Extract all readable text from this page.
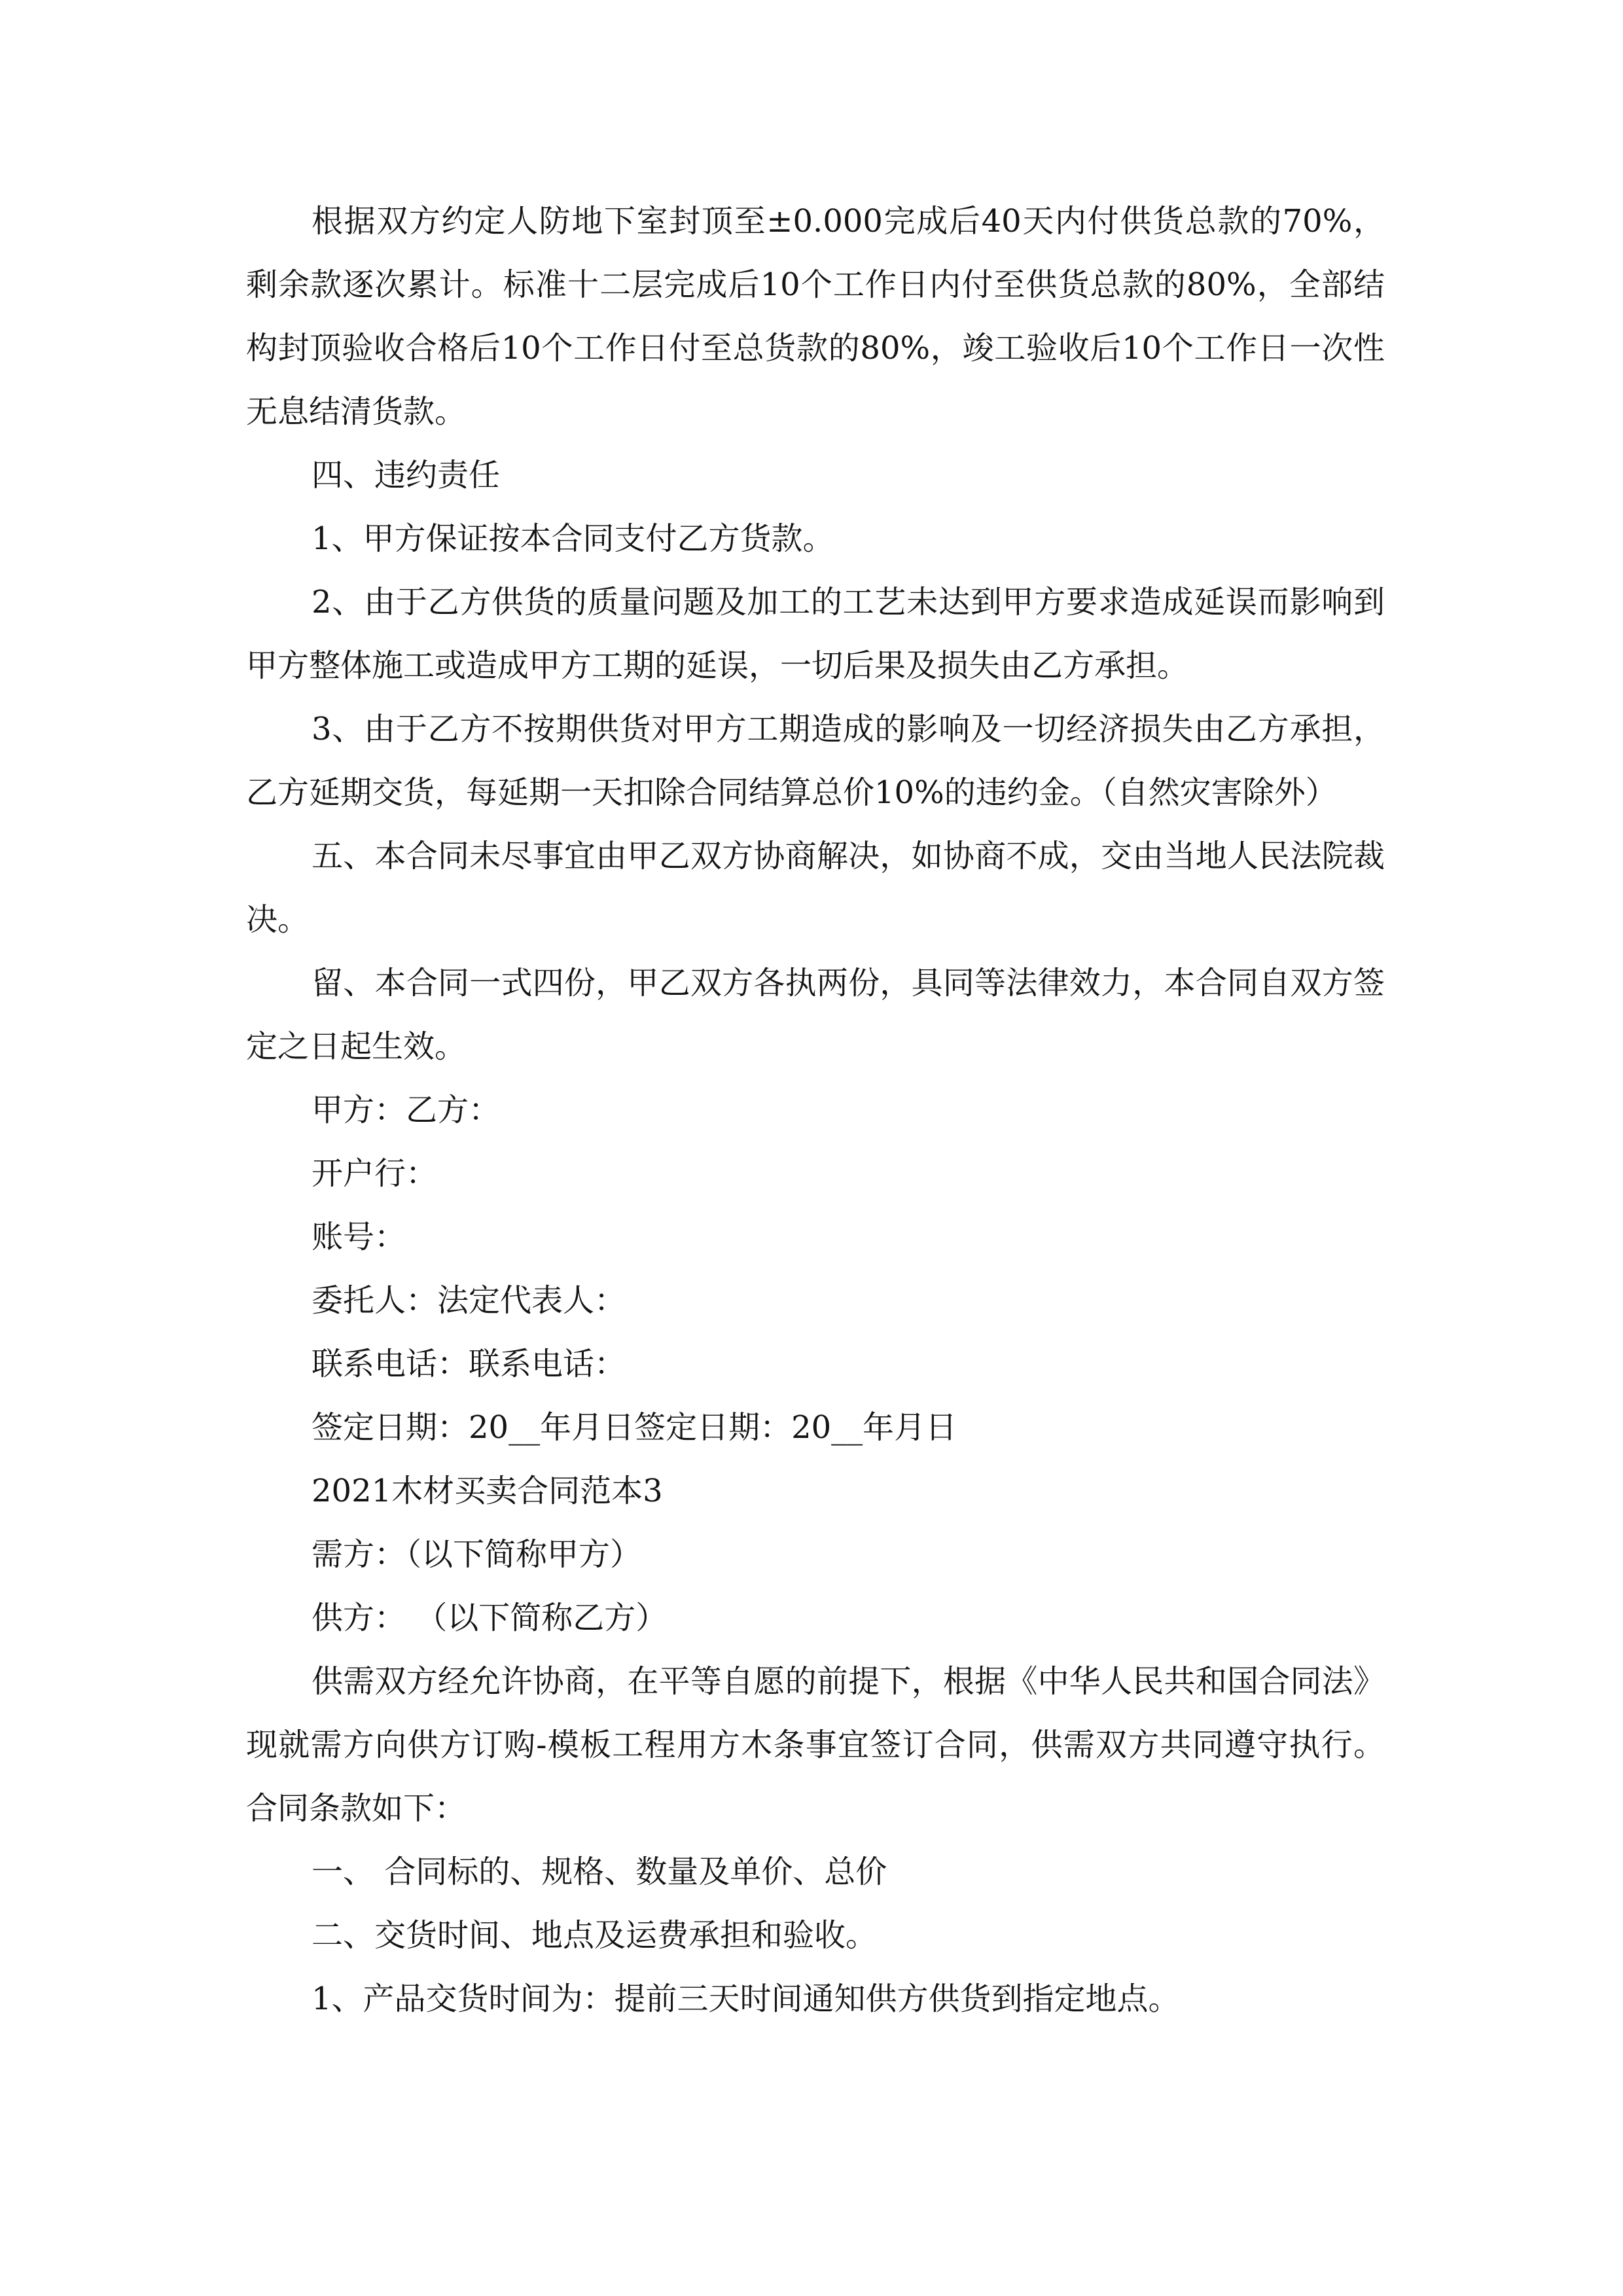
根据双方约定人防地下室封顶至±0.000完成后40天内付供货总款的70%，剩余款逐次累计。标准十二层完成后10个工作日内付至供货总款的80%，全部结构封顶验收合格后10个工作日付至总货款的80%，竣工验收后10个工作日一次性无息结清货款。

四、违约责任

1、甲方保证按本合同支付乙方货款。

2、由于乙方供货的质量问题及加工的工艺未达到甲方要求造成延误而影响到甲方整体施工或造成甲方工期的延误，一切后果及损失由乙方承担。

3、由于乙方不按期供货对甲方工期造成的影响及一切经济损失由乙方承担，乙方延期交货，每延期一天扣除合同结算总价10%的违约金。（自然灾害除外）

五、本合同未尽事宜由甲乙双方协商解决，如协商不成，交由当地人民法院裁决。

留、本合同一式四份，甲乙双方各执两份，具同等法律效力，本合同自双方签定之日起生效。

甲方：乙方：

开户行：

账号：

委托人：法定代表人：

联系电话：联系电话：

签定日期：20__年月日签定日期：20__年月日

2021木材买卖合同范本3

需方：（以下简称甲方）

供方： （以下简称乙方）

供需双方经允许协商，在平等自愿的前提下，根据《中华人民共和国合同法》现就需方向供方订购-模板工程用方木条事宜签订合同，供需双方共同遵守执行。合同条款如下：

一、 合同标的、规格、数量及单价、总价

二、交货时间、地点及运费承担和验收。

1、产品交货时间为：提前三天时间通知供方供货到指定地点。
